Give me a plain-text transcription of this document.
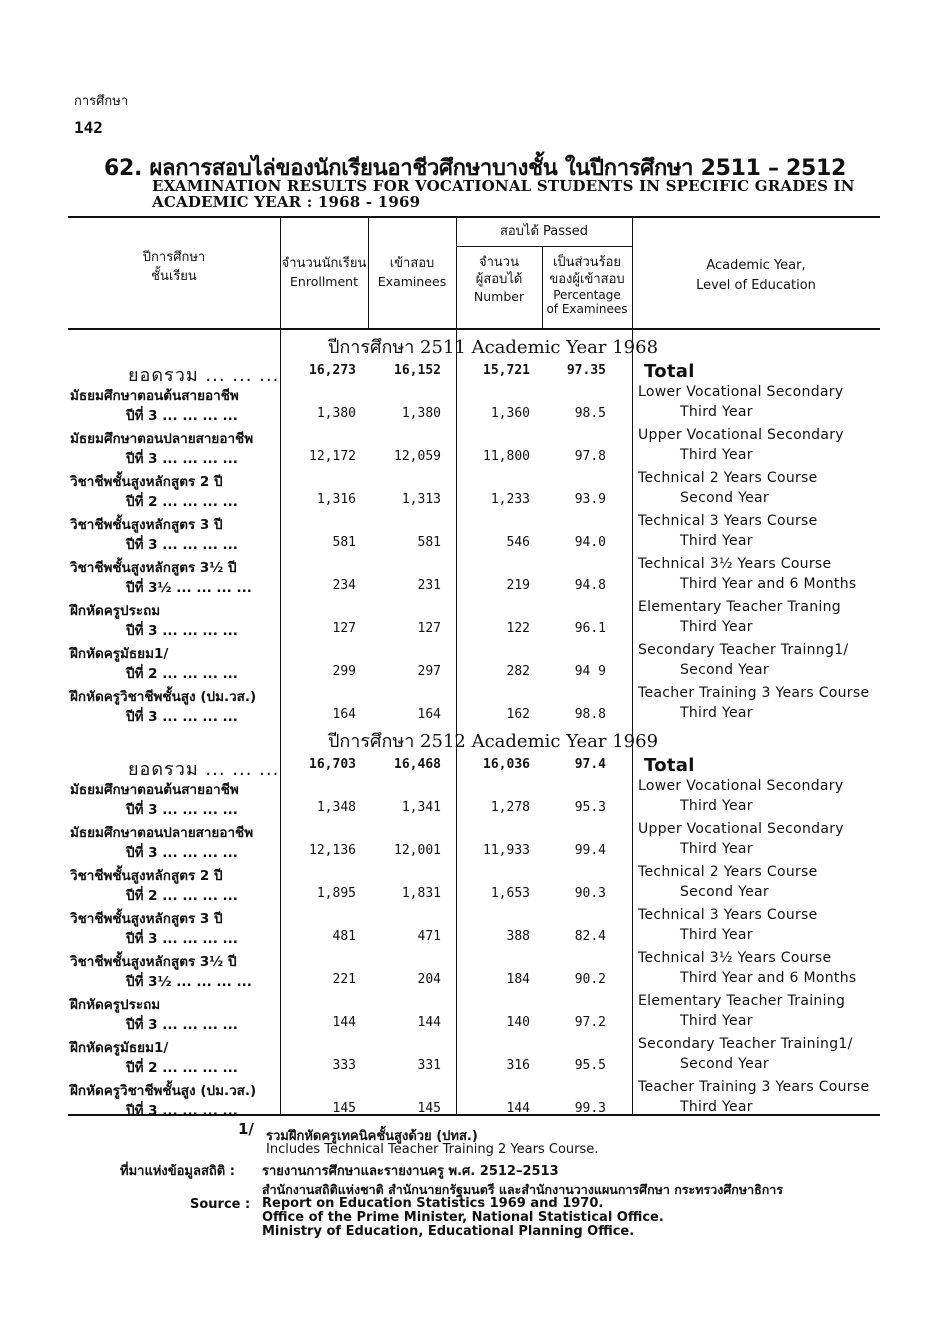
การศึกษา
142
62. ผลการสอบไล่ของนักเรียนอาชีวศึกษาบางชั้น ในปีการศึกษา 2511 – 2512
EXAMINATION RESULTS FOR VOCATIONAL STUDENTS IN SPECIFIC GRADES IN ACADEMIC YEAR : 1968 - 1969
ปีการศึกษา
ชั้นเรียน
จำนวนนักเรียน
Enrollment
เข้าสอบ
Examinees
สอบได้ Passed
จำนวน
ผู้สอบได้
Number
เป็นส่วนร้อย
ของผู้เข้าสอบ
Percentage
of Examinees
Academic Year,
Level of Education
ปีการศึกษา 2511 Academic Year 1968
ยอดรวม ... ... ...	Total
16,273	16,152	15,721	97.35
มัธยมศึกษาตอนต้นสายอาชีพ	Lower Vocational Secondary
ปีที่ 3 ... ... ... ...	Third Year
1,380	1,380	1,360	98.5
มัธยมศึกษาตอนปลายสายอาชีพ	Upper Vocational Secondary
ปีที่ 3 ... ... ... ...	Third Year
12,172	12,059	11,800	97.8
วิชาชีพชั้นสูงหลักสูตร 2 ปี	Technical 2 Years Course
ปีที่ 2 ... ... ... ...	Second Year
1,316	1,313	1,233	93.9
วิชาชีพชั้นสูงหลักสูตร 3 ปี	Technical 3 Years Course
ปีที่ 3 ... ... ... ...	Third Year
581	581	546	94.0
วิชาชีพชั้นสูงหลักสูตร 3½ ปี	Technical 3½ Years Course
ปีที่ 3½ ... ... ... ...	Third Year and 6 Months
234	231	219	94.8
ฝึกหัดครูประถม	Elementary Teacher Traning
ปีที่ 3 ... ... ... ...	Third Year
127	127	122	96.1
ฝึกหัดครูมัธยม1/	Secondary Teacher Trainng1/
ปีที่ 2 ... ... ... ...	Second Year
299	297	282	94 9
ฝึกหัดครูวิชาชีพชั้นสูง (ปม.วส.)	Teacher Training 3 Years Course
ปีที่ 3 ... ... ... ...	Third Year
164	164	162	98.8
ปีการศึกษา 2512 Academic Year 1969
ยอดรวม ... ... ...	Total
16,703	16,468	16,036	97.4
มัธยมศึกษาตอนต้นสายอาชีพ	Lower Vocational Secondary
ปีที่ 3 ... ... ... ...	Third Year
1,348	1,341	1,278	95.3
มัธยมศึกษาตอนปลายสายอาชีพ	Upper Vocational Secondary
ปีที่ 3 ... ... ... ...	Third Year
12,136	12,001	11,933	99.4
วิชาชีพชั้นสูงหลักสูตร 2 ปี	Technical 2 Years Course
ปีที่ 2 ... ... ... ...	Second Year
1,895	1,831	1,653	90.3
วิชาชีพชั้นสูงหลักสูตร 3 ปี	Technical 3 Years Course
ปีที่ 3 ... ... ... ...	Third Year
481	471	388	82.4
วิชาชีพชั้นสูงหลักสูตร 3½ ปี	Technical 3½ Years Course
ปีที่ 3½ ... ... ... ...	Third Year and 6 Months
221	204	184	90.2
ฝึกหัดครูประถม	Elementary Teacher Training
ปีที่ 3 ... ... ... ...	Third Year
144	144	140	97.2
ฝึกหัดครูมัธยม1/	Secondary Teacher Training1/
ปีที่ 2 ... ... ... ...	Second Year
333	331	316	95.5
ฝึกหัดครูวิชาชีพชั้นสูง (ปม.วส.)	Teacher Training 3 Years Course
ปีที่ 3 ... ... ... ...	Third Year
145	145	144	99.3
1/ รวมฝึกหัดครูเทคนิคชั้นสูงด้วย (ปทส.)
Includes Technical Teacher Training 2 Years Course.
ที่มาแห่งข้อมูลสถิติ : รายงานการศึกษาและรายงานครู พ.ศ. 2512–2513
สำนักงานสถิติแห่งชาติ สำนักนายกรัฐมนตรี และสำนักงานวางแผนการศึกษา กระทรวงศึกษาธิการ
Source : Report on Education Statistics 1969 and 1970.
Office of the Prime Minister, National Statistical Office.
Ministry of Education, Educational Planning Office.
